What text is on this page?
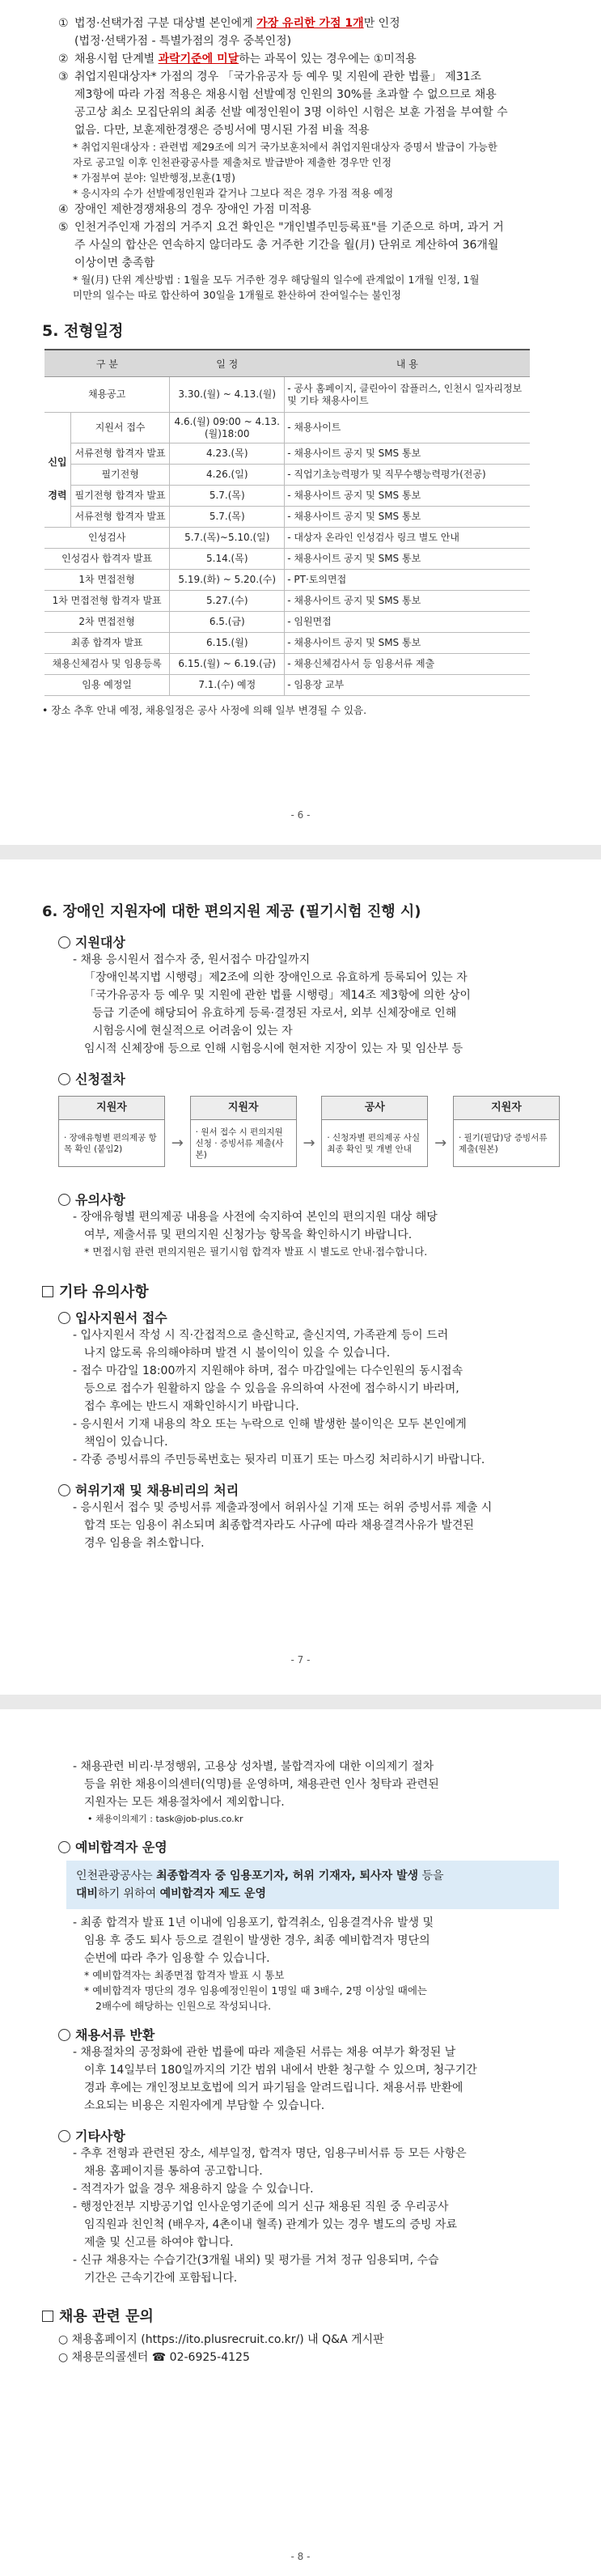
① 법정·선택가점 구분 대상별 본인에게 가장 유리한 가점 1개만 인정

(법정·선택가점 - 특별가점의 경우 중복인정)

② 채용시험 단계별 과락기준에 미달하는 과목이 있는 경우에는 ①미적용

③ 취업지원대상자* 가점의 경우 「국가유공자 등 예우 및 지원에 관한 법률」 제31조

제3항에 따라 가점 적용은 채용시험 선발예정 인원의 30%를 초과할 수 없으므로 채용

공고상 최소 모집단위의 최종 선발 예정인원이 3명 이하인 시험은 보훈 가점을 부여할 수

없음. 다만, 보훈제한경쟁은 증빙서에 명시된 가점 비율 적용

* 취업지원대상자 : 관련법 제29조에 의거 국가보훈처에서 취업지원대상자 증명서 발급이 가능한

자로 공고일 이후 인천관광공사를 제출처로 발급받아 제출한 경우만 인정

* 가점부여 분야: 일반행정,보훈(1명)

* 응시자의 수가 선발예정인원과 같거나 그보다 적은 경우 가점 적용 예정

④ 장애인 제한경쟁채용의 경우 장애인 가점 미적용

⑤ 인천거주인재 가점의 거주지 요건 확인은 "개인별주민등록표"를 기준으로 하며, 과거 거

주 사실의 합산은 연속하지 않더라도 총 거주한 기간을 월(月) 단위로 계산하여 36개월

이상이면 충족함

* 월(月) 단위 계산방법 : 1월을 모두 거주한 경우 해당월의 일수에 관계없이 1개월 인정, 1월

미만의 일수는 따로 합산하여 30일을 1개월로 환산하여 잔여일수는 불인정

5. 전형일정

구 분		일 정	내 용
채용공고		3.30.(월) ~ 4.13.(월)	- 공사 홈페이지, 클린아이 잡플러스, 인천시 일자리정보 및 기타 채용사이트

신입
경력	지원서 접수	4.6.(월) 09:00 ~ 4.13.(월)18:00	- 채용사이트
	서류전형 합격자 발표	4.23.(목)	- 채용사이트 공지 및 SMS 통보
	필기전형	4.26.(일)	- 직업기초능력평가 및 직무수행능력평가(전공)
	필기전형 합격자 발표	5.7.(목)	- 채용사이트 공지 및 SMS 통보
	서류전형 합격자 발표	5.7.(목)	- 채용사이트 공지 및 SMS 통보
인성검사		5.7.(목)~5.10.(일)	- 대상자 온라인 인성검사 링크 별도 안내
인성검사 합격자 발표		5.14.(목)	- 채용사이트 공지 및 SMS 통보
1차 면접전형		5.19.(화) ~ 5.20.(수)	- PT·토의면접
1차 면접전형 합격자 발표		5.27.(수)	- 채용사이트 공지 및 SMS 통보
2차 면접전형		6.5.(금)	- 임원면접
최종 합격자 발표		6.15.(월)	- 채용사이트 공지 및 SMS 통보
채용신체검사 및 임용등록		6.15.(월) ~ 6.19.(금)	- 채용신체검사서 등 임용서류 제출
임용 예정일		7.1.(수) 예정	- 임용장 교부

• 장소 추후 안내 예정, 채용일정은 공사 사정에 의해 일부 변경될 수 있음.

- 6 -

6. 장애인 지원자에 대한 편의지원 제공 (필기시험 진행 시)

지원대상

- 채용 응시원서 접수자 중, 원서접수 마감일까지

「장애인복지법 시행령」제2조에 의한 장애인으로 유효하게 등록되어 있는 자

「국가유공자 등 예우 및 지원에 관한 법률 시행령」제14조 제3항에 의한 상이

등급 기준에 해당되어 유효하게 등록·결정된 자로서, 외부 신체장애로 인해

시험응시에 현실적으로 어려움이 있는 자

임시적 신체장애 등으로 인해 시험응시에 현저한 지장이 있는 자 및 임산부 등

신청절차

지원자
· 장애유형별 편의제공 항목 확인 (붙임2)	→
지원자
· 원서 접수 시 편의지원 신청 · 증빙서류 제출(사본)
→
공사
· 신청자별 편의제공 사실 최종 확인 및 개별 안내	→
지원자
· 필기(필답)당 증빙서류 제출(원본)

유의사항

- 장애유형별 편의제공 내용을 사전에 숙지하여 본인의 편의지원 대상 해당

여부, 제출서류 및 편의지원 신청가능 항목을 확인하시기 바랍니다.

* 면접시험 관련 편의지원은 필기시험 합격자 발표 시 별도로 안내·접수합니다.

기타 유의사항

입사지원서 접수

- 입사지원서 작성 시 직·간접적으로 출신학교, 출신지역, 가족관계 등이 드러

나지 않도록 유의해야하며 발견 시 불이익이 있을 수 있습니다.

- 접수 마감일 18:00까지 지원해야 하며, 접수 마감일에는 다수인원의 동시접속

등으로 접수가 원활하지 않을 수 있음을 유의하여 사전에 접수하시기 바라며,

접수 후에는 반드시 재확인하시기 바랍니다.

- 응시원서 기재 내용의 착오 또는 누락으로 인해 발생한 불이익은 모두 본인에게

책임이 있습니다.

- 각종 증빙서류의 주민등록번호는 뒷자리 미표기 또는 마스킹 처리하시기 바랍니다.

허위기재 및 채용비리의 처리

- 응시원서 접수 및 증빙서류 제출과정에서 허위사실 기재 또는 허위 증빙서류 제출 시

합격 또는 임용이 취소되며 최종합격자라도 사규에 따라 채용결격사유가 발견된

경우 임용을 취소합니다.

- 7 -

- 채용관련 비리·부정행위, 고용상 성차별, 불합격자에 대한 이의제기 절차

등을 위한 채용이의센터(익명)를 운영하며, 채용관련 인사 청탁과 관련된

지원자는 모든 채용절차에서 제외합니다.

• 채용이의제기 : task@job-plus.co.kr

예비합격자 운영

인천관광공사는 최종합격자 중 임용포기자, 허위 기재자, 퇴사자 발생 등을
대비하기 위하여 예비합격자 제도 운영

- 최종 합격자 발표 1년 이내에 임용포기, 합격취소, 임용결격사유 발생 및

임용 후 중도 퇴사 등으로 결원이 발생한 경우, 최종 예비합격자 명단의

순번에 따라 추가 임용할 수 있습니다.

* 예비합격자는 최종면접 합격자 발표 시 통보

* 예비합격자 명단의 경우 임용예정인원이 1명일 때 3배수, 2명 이상일 때에는

2배수에 해당하는 인원으로 작성되니다.

채용서류 반환

- 채용절차의 공정화에 관한 법률에 따라 제출된 서류는 채용 여부가 확정된 날

이후 14일부터 180일까지의 기간 범위 내에서 반환 청구할 수 있으며, 청구기간

경과 후에는 개인정보보호법에 의거 파기됨을 알려드립니다. 채용서류 반환에

소요되는 비용은 지원자에게 부담할 수 있습니다.

기타사항

- 추후 전형과 관련된 장소, 세부일정, 합격자 명단, 임용구비서류 등 모든 사항은

채용 홈페이지를 통하여 공고합니다.

- 적격자가 없을 경우 채용하지 않을 수 있습니다.

- 행정안전부 지방공기업 인사운영기준에 의거 신규 채용된 직원 중 우리공사

임직원과 친인척 (배우자, 4촌이내 혈족) 관계가 있는 경우 별도의 증빙 자료

제출 및 신고를 하여야 합니다.

- 신규 채용자는 수습기간(3개월 내외) 및 평가를 거쳐 정규 임용되며, 수습

기간은 근속기간에 포함됩니다.

채용 관련 문의

○ 채용홈페이지 (https://ito.plusrecruit.co.kr/) 내 Q&A 게시판

○ 채용문의콜센터 ☎ 02-6925-4125

- 8 -
